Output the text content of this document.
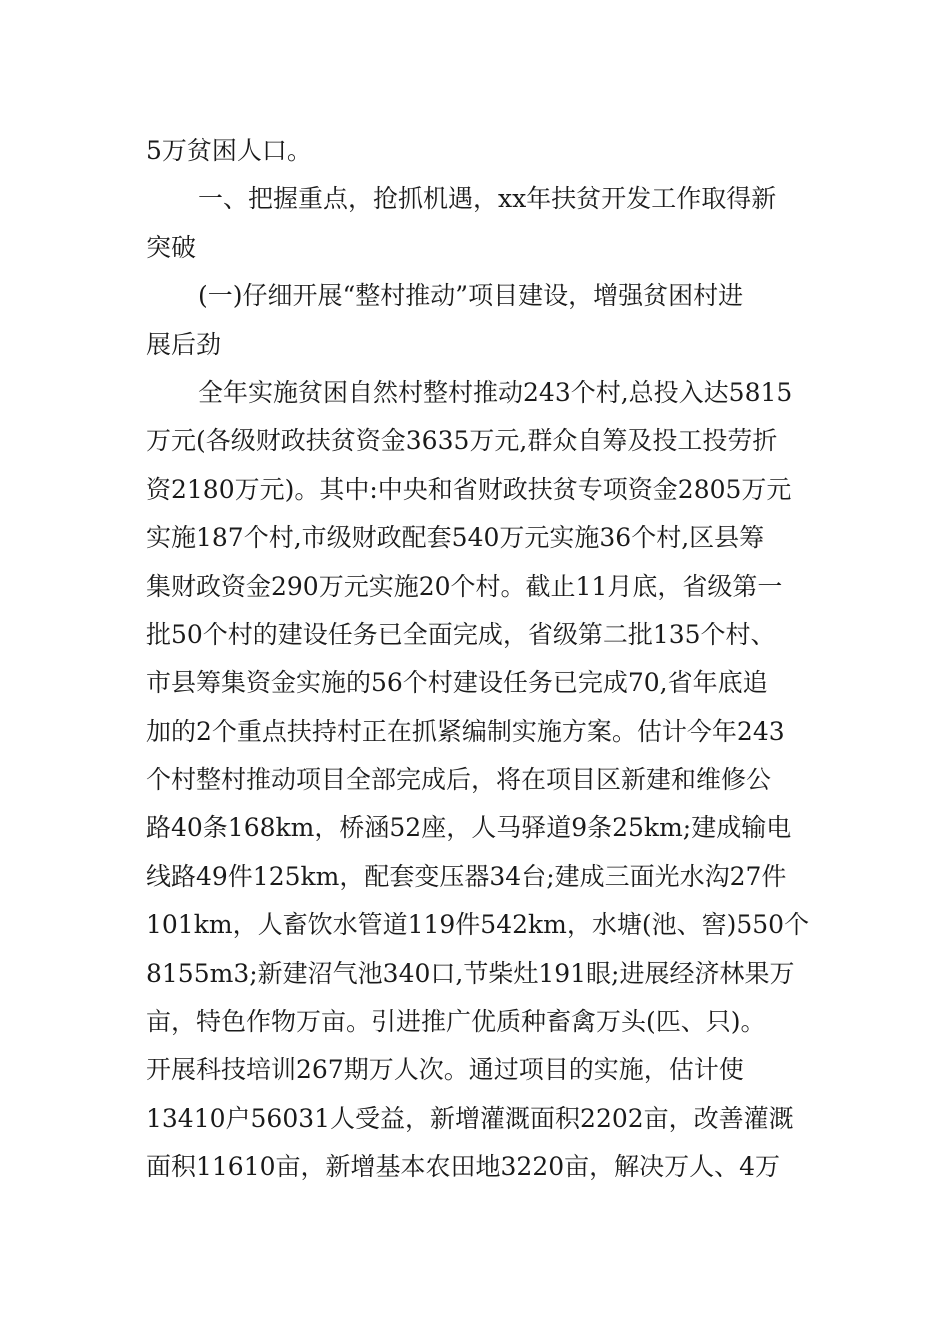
5万贫困人口。
一、把握重点，抢抓机遇，xx年扶贫开发工作取得新
突破
(一)仔细开展“整村推动”项目建设，增强贫困村进
展后劲
全年实施贫困自然村整村推动243个村,总投入达5815
万元(各级财政扶贫资金3635万元,群众自筹及投工投劳折
资2180万元)。其中:中央和省财政扶贫专项资金2805万元
实施187个村,市级财政配套540万元实施36个村,区县筹
集财政资金290万元实施20个村。截止11月底，省级第一
批50个村的建设任务已全面完成，省级第二批135个村、
市县筹集资金实施的56个村建设任务已完成70,省年底追
加的2个重点扶持村正在抓紧编制实施方案。估计今年243
个村整村推动项目全部完成后，将在项目区新建和维修公
路40条168km，桥涵52座，人马驿道9条25km;建成输电
线路49件125km，配套变压器34台;建成三面光水沟27件
101km，人畜饮水管道119件542km，水塘(池、窖)550个
8155m3;新建沼气池340口,节柴灶191眼;进展经济林果万
亩，特色作物万亩。引进推广优质种畜禽万头(匹、只)。
开展科技培训267期万人次。通过项目的实施，估计使
13410户56031人受益，新增灌溉面积2202亩，改善灌溉
面积11610亩，新增基本农田地3220亩，解决万人、4万
